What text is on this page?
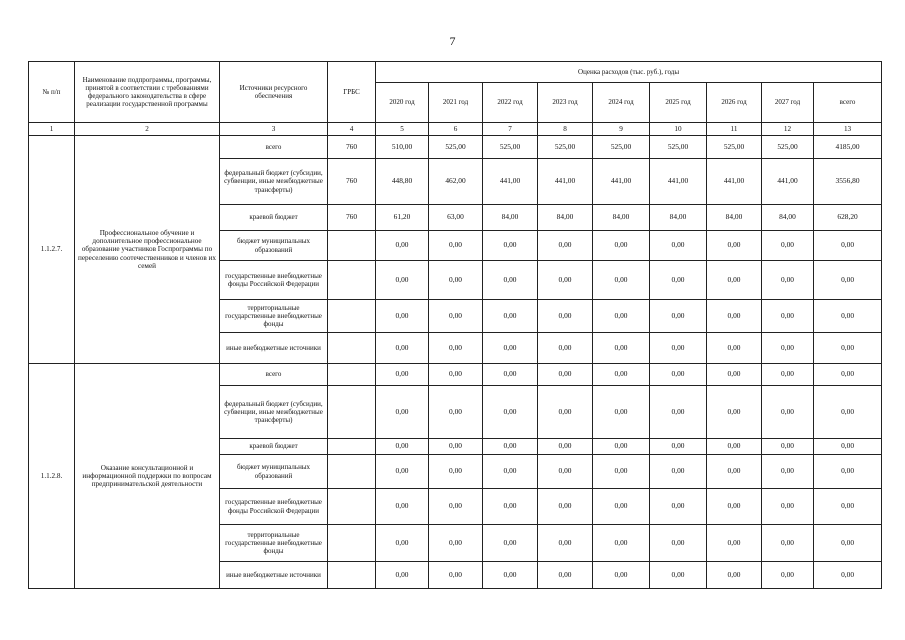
7
№ п/п	Наименование подпрограммы, программы, принятой в соответствии с требованиями федерального законодательства в сфере реализации государственной программы	Источники ресурсного обеспечения	ГРБС	Оценка расходов (тыс. руб.), годы								
				2020 год	2021 год	2022 год	2023 год	2024 год	2025 год	2026 год	2027 год	всего
1	2	3	4	5	6	7	8	9	10	11	12	13
1.1.2.7.	Профессиональное обучение и дополнительное профессиональное образование участников Госпрограммы по переселению соотечественников и членов их семей	всего	760	510,00	525,00	525,00	525,00	525,00	525,00	525,00	525,00	4185,00
		федеральный бюджет (субсидии, субвенции, иные межбюджетные трансферты)	760	448,80	462,00	441,00	441,00	441,00	441,00	441,00	441,00	3556,80
		краевой бюджет	760	61,20	63,00	84,00	84,00	84,00	84,00	84,00	84,00	628,20
		бюджет муниципальных образований		0,00	0,00	0,00	0,00	0,00	0,00	0,00	0,00	0,00
		государственные внебюджетные фонды Российской Федерации		0,00	0,00	0,00	0,00	0,00	0,00	0,00	0,00	0,00
		территориальные государственные внебюджетные фонды		0,00	0,00	0,00	0,00	0,00	0,00	0,00	0,00	0,00
		иные внебюджетные источники		0,00	0,00	0,00	0,00	0,00	0,00	0,00	0,00	0,00
1.1.2.8.	Оказание консультационной и информационной поддержки по вопросам предпринимательской деятельности	всего		0,00	0,00	0,00	0,00	0,00	0,00	0,00	0,00	0,00
		федеральный бюджет (субсидии, субвенции, иные межбюджетные трансферты)		0,00	0,00	0,00	0,00	0,00	0,00	0,00	0,00	0,00
		краевой бюджет		0,00	0,00	0,00	0,00	0,00	0,00	0,00	0,00	0,00
		бюджет муниципальных образований		0,00	0,00	0,00	0,00	0,00	0,00	0,00	0,00	0,00
		государственные внебюджетные фонды Российской Федерации		0,00	0,00	0,00	0,00	0,00	0,00	0,00	0,00	0,00
		территориальные государственные внебюджетные фонды		0,00	0,00	0,00	0,00	0,00	0,00	0,00	0,00	0,00
		иные внебюджетные источники		0,00	0,00	0,00	0,00	0,00	0,00	0,00	0,00	0,00
